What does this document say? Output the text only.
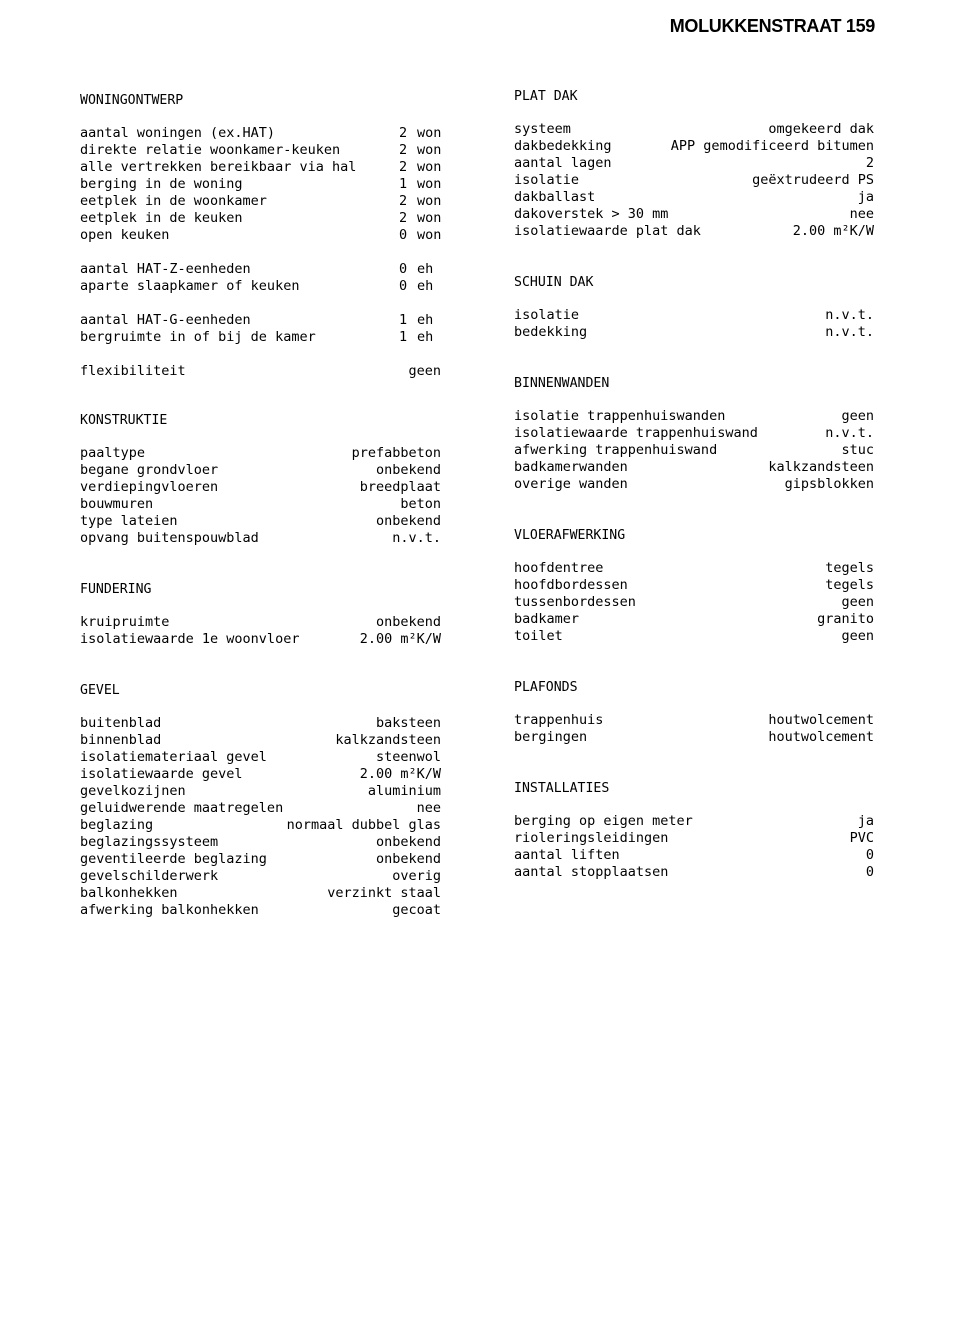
MOLUKKENSTRAAT 159
WONINGONTWERP
aantal woningen (ex.HAT)	2 won
direkte relatie woonkamer-keuken	2 won
alle vertrekken bereikbaar via hal	2 won
berging in de woning	1 won
eetplek in de woonkamer	2 won
eetplek in de keuken	2 won
open keuken	0 won
aantal HAT-Z-eenheden	0 eh
aparte slaapkamer of keuken	0 eh
aantal HAT-G-eenheden	1 eh
bergruimte in of bij de kamer	1 eh
flexibiliteit	geen
KONSTRUKTIE
paaltype	prefabbeton
begane grondvloer	onbekend
verdiepingvloeren	breedplaat
bouwmuren	beton
type lateien	onbekend
opvang buitenspouwblad	n.v.t.
FUNDERING
kruipruimte	onbekend
isolatiewaarde 1e woonvloer	2.00 m²K/W
GEVEL
buitenblad	baksteen
binnenblad	kalkzandsteen
isolatiemateriaal gevel	steenwol
isolatiewaarde gevel	2.00 m²K/W
gevelkozijnen	aluminium
geluidwerende maatregelen	nee
beglazing	normaal dubbel glas
beglazingssysteem	onbekend
geventileerde beglazing	onbekend
gevelschilderwerk	overig
balkonhekken	verzinkt staal
afwerking balkonhekken	gecoat
PLAT DAK
systeem	omgekeerd dak
dakbedekking	APP gemodificeerd bitumen
aantal lagen	2
isolatie	geëxtrudeerd PS
dakballast	ja
dakoverstek > 30 mm	nee
isolatiewaarde plat dak	2.00 m²K/W
SCHUIN DAK
isolatie	n.v.t.
bedekking	n.v.t.
BINNENWANDEN
isolatie trappenhuiswanden	geen
isolatiewaarde trappenhuiswand	n.v.t.
afwerking trappenhuiswand	stuc
badkamerwanden	kalkzandsteen
overige wanden	gipsblokken
VLOERAFWERKING
hoofdentree	tegels
hoofdbordessen	tegels
tussenbordessen	geen
badkamer	granito
toilet	geen
PLAFONDS
trappenhuis	houtwolcement
bergingen	houtwolcement
INSTALLATIES
berging op eigen meter	ja
rioleringsleidingen	PVC
aantal liften	0
aantal stopplaatsen	0
